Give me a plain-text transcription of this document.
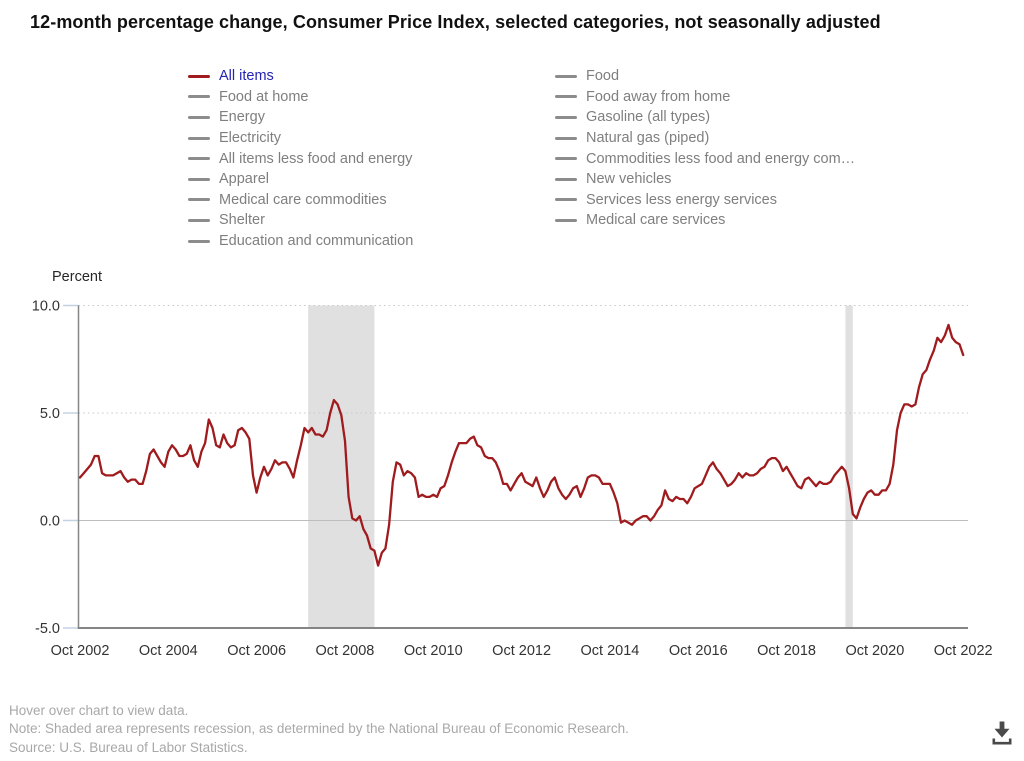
10.0
5.0
0.0
-5.0
Oct 2002 Oct 2004 Oct 2006 Oct 2008 Oct 2010 Oct 2012 Oct 2014 Oct 2016 Oct 2018 Oct 2020 Oct 2022
12-month percentage change, Consumer Price Index, selected categories, not seasonally adjusted
All items
Food at home
Energy
Electricity
All items less food and energy
Apparel
Medical care commodities
Shelter
Education and communication
Food
Food away from home
Gasoline (all types)
Natural gas (piped)
Commodities less food and energy com…
New vehicles
Services less energy services
Medical care services
Percent
Hover over chart to view data.
Note: Shaded area represents recession, as determined by the National Bureau of Economic Research.
Source: U.S. Bureau of Labor Statistics.
